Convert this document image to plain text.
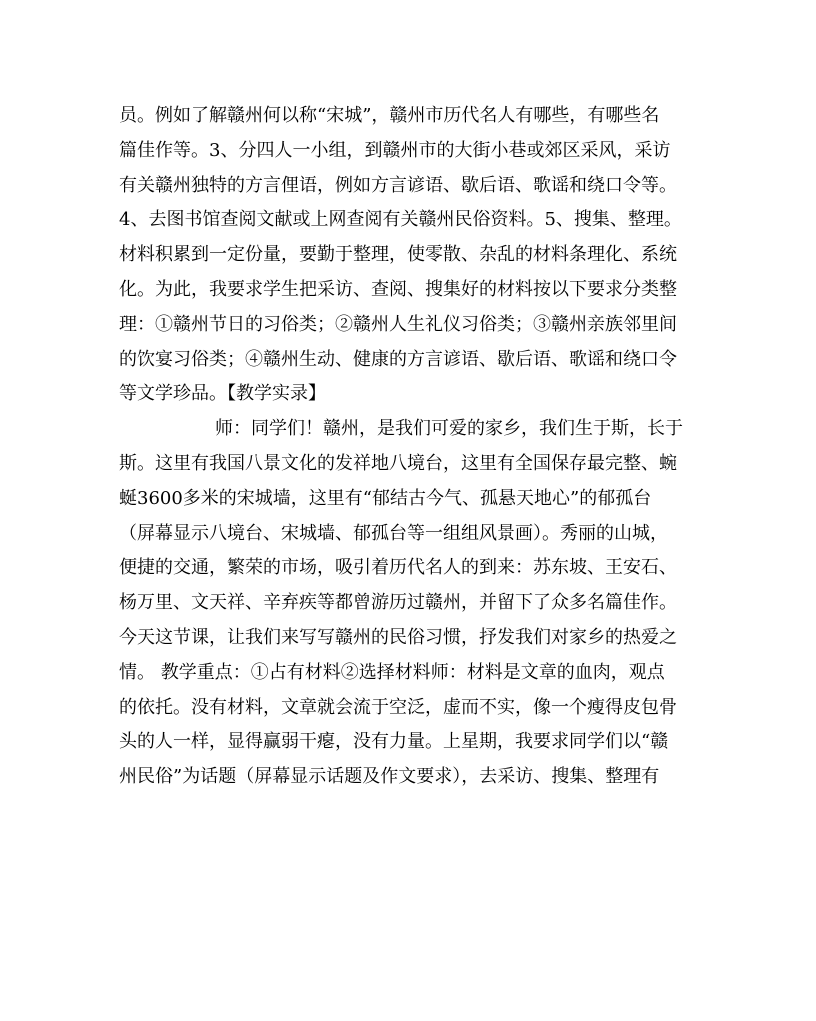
员。例如了解赣州何以称“宋城”，赣州市历代名人有哪些，有哪些名
篇佳作等。3、分四人一小组，到赣州市的大街小巷或郊区采风，采访
有关赣州独特的方言俚语，例如方言谚语、歇后语、歌谣和绕口令等。
4、去图书馆查阅文献或上网查阅有关赣州民俗资料。5、搜集、整理。
材料积累到一定份量，要勤于整理，使零散、杂乱的材料条理化、系统
化。为此，我要求学生把采访、查阅、搜集好的材料按以下要求分类整
理：①赣州节日的习俗类；②赣州人生礼仪习俗类；③赣州亲族邻里间
的饮宴习俗类；④赣州生动、健康的方言谚语、歇后语、歌谣和绕口令
等文学珍品。【教学实录】
师：同学们！赣州，是我们可爱的家乡，我们生于斯，长于
斯。这里有我国八景文化的发祥地八境台，这里有全国保存最完整、蜿
蜒3600多米的宋城墙，这里有“郁结古今气、孤悬天地心”的郁孤台
（屏幕显示八境台、宋城墙、郁孤台等一组组风景画）。秀丽的山城，
便捷的交通，繁荣的市场，吸引着历代名人的到来：苏东坡、王安石、
杨万里、文天祥、辛弃疾等都曾游历过赣州，并留下了众多名篇佳作。
今天这节课，让我们来写写赣州的民俗习惯，抒发我们对家乡的热爱之
情。 教学重点：①占有材料②选择材料师：材料是文章的血肉，观点
的依托。没有材料，文章就会流于空泛，虚而不实，像一个瘦得皮包骨
头的人一样，显得赢弱干瘪，没有力量。上星期，我要求同学们以“赣
州民俗”为话题（屏幕显示话题及作文要求），去采访、搜集、整理有
